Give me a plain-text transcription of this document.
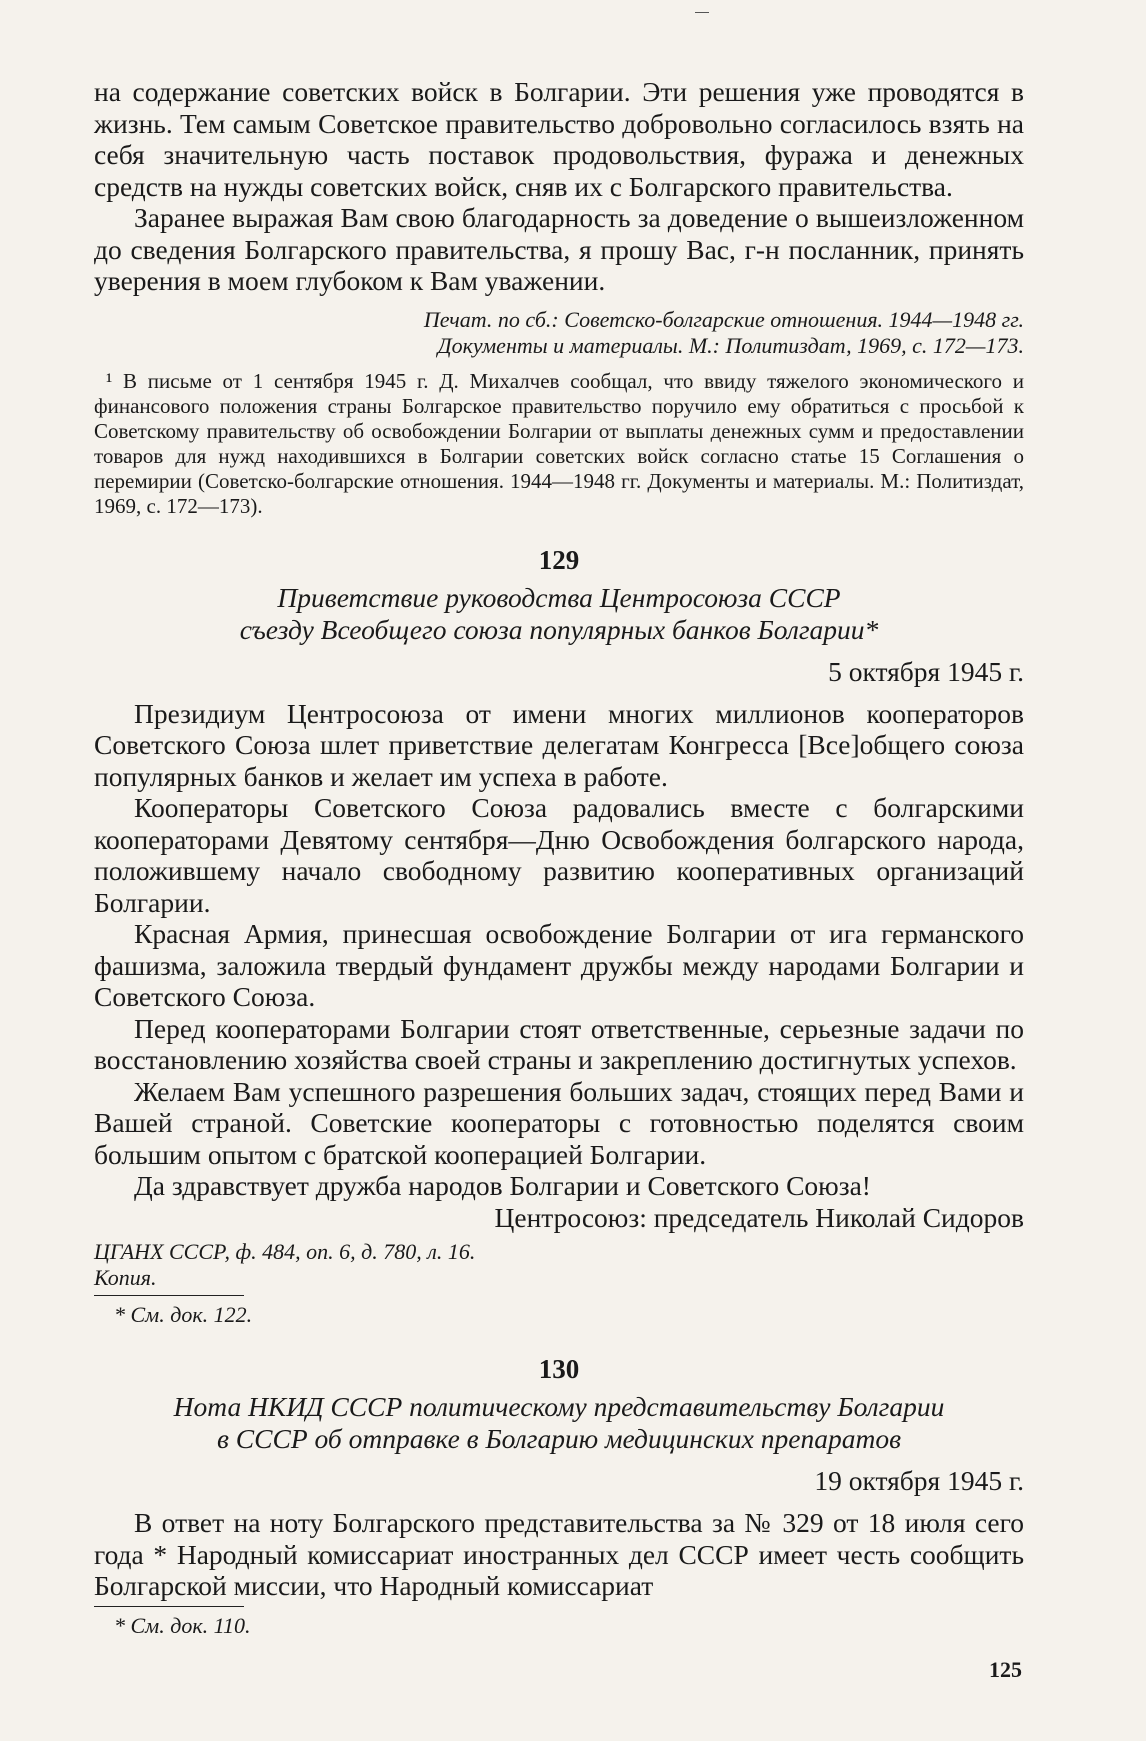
на содержание советских войск в Болгарии. Эти решения уже проводятся в жизнь. Тем самым Советское правительство добровольно согласилось взять на себя значительную часть поставок продовольствия, фуража и денежных средств на нужды советских войск, сняв их с Болгарского правительства.

Заранее выражая Вам свою благодарность за доведение о вышеизложенном до сведения Болгарского правительства, я прошу Вас, г-н посланник, принять уверения в моем глубоком к Вам уважении.

Печат. по сб.: Советско-болгарские отношения. 1944—1948 гг.
Документы и материалы. М.: Политиздат, 1969, с. 172—173.

¹ В письме от 1 сентября 1945 г. Д. Михалчев сообщал, что ввиду тяжелого экономического и финансового положения страны Болгарское правительство поручило ему обратиться с просьбой к Советскому правительству об освобождении Болгарии от выплаты денежных сумм и предоставлении товаров для нужд находившихся в Болгарии советских войск согласно статье 15 Соглашения о перемирии (Советско-болгарские отношения. 1944—1948 гг. Документы и материалы. М.: Политиздат, 1969, с. 172—173).

129
Приветствие руководства Центросоюза СССР
съезду Всеобщего союза популярных банков Болгарии*
5 октября 1945 г.

Президиум Центросоюза от имени многих миллионов кооператоров Советского Союза шлет приветствие делегатам Конгресса [Все]общего союза популярных банков и желает им успеха в работе.

Кооператоры Советского Союза радовались вместе с болгарскими кооператорами Девятому сентября—Дню Освобождения болгарского народа, положившему начало свободному развитию кооперативных организаций Болгарии.

Красная Армия, принесшая освобождение Болгарии от ига германского фашизма, заложила твердый фундамент дружбы между народами Болгарии и Советского Союза.

Перед кооператорами Болгарии стоят ответственные, серьезные задачи по восстановлению хозяйства своей страны и закреплению достигнутых успехов.

Желаем Вам успешного разрешения больших задач, стоящих перед Вами и Вашей страной. Советские кооператоры с готовностью поделятся своим большим опытом с братской кооперацией Болгарии.

Да здравствует дружба народов Болгарии и Советского Союза!

Центросоюз: председатель Николай Сидоров

ЦГАНХ СССР, ф. 484, оп. 6, д. 780, л. 16.
Копия.
* См. док. 122.
130
Нота НКИД СССР политическому представительству Болгарии
в СССР об отправке в Болгарию медицинских препаратов
19 октября 1945 г.

В ответ на ноту Болгарского представительства за № 329 от 18 июля сего года * Народный комиссариат иностранных дел СССР имеет честь сообщить Болгарской миссии, что Народный комиссариат

* См. док. 110.
125
